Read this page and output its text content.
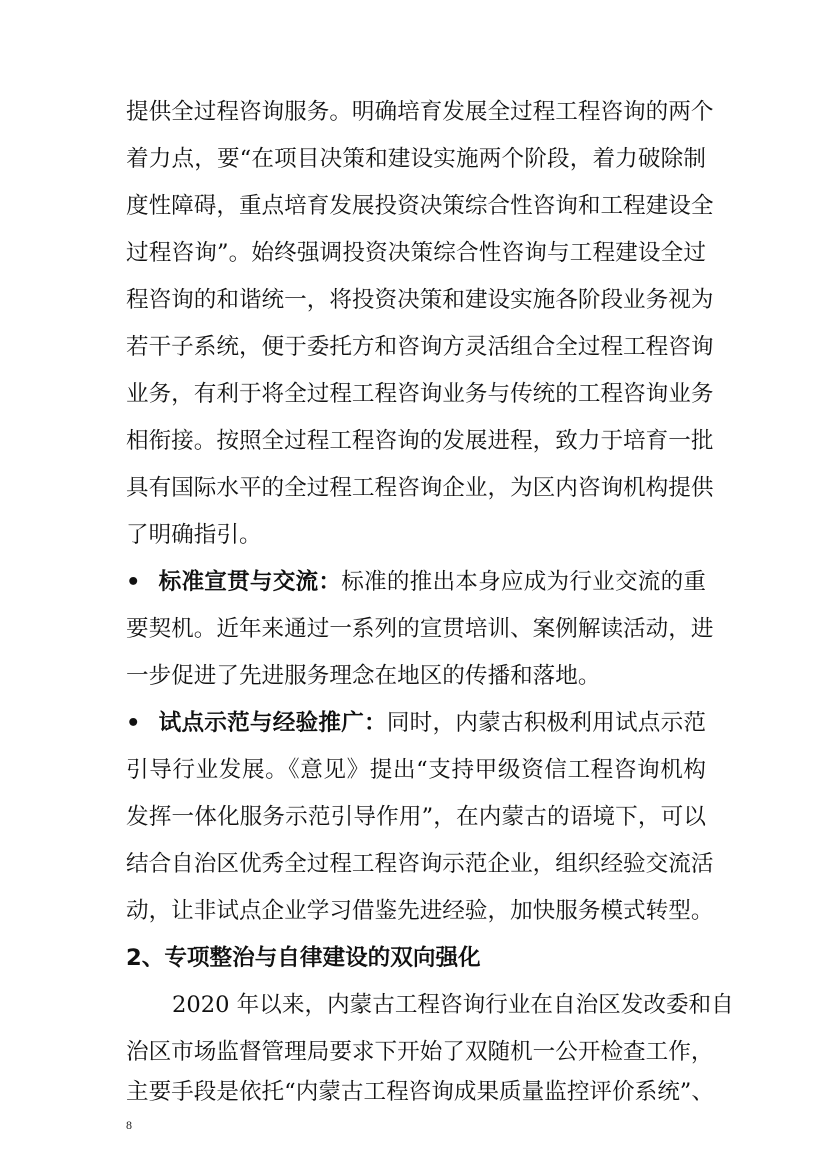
提供全过程咨询服务。明确培育发展全过程工程咨询的两个
着力点，要“在项目决策和建设实施两个阶段，着力破除制
度性障碍，重点培育发展投资决策综合性咨询和工程建设全
过程咨询”。始终强调投资决策综合性咨询与工程建设全过
程咨询的和谐统一，将投资决策和建设实施各阶段业务视为
若干子系统，便于委托方和咨询方灵活组合全过程工程咨询
业务，有利于将全过程工程咨询业务与传统的工程咨询业务
相衔接。按照全过程工程咨询的发展进程，致力于培育一批
具有国际水平的全过程工程咨询企业，为区内咨询机构提供
了明确指引。
• 标准宣贯与交流：标准的推出本身应成为行业交流的重
要契机。近年来通过一系列的宣贯培训、案例解读活动，进
一步促进了先进服务理念在地区的传播和落地。
• 试点示范与经验推广：同时，内蒙古积极利用试点示范
引导行业发展。《意见》提出“支持甲级资信工程咨询机构
发挥一体化服务示范引导作用”，在内蒙古的语境下，可以
结合自治区优秀全过程工程咨询示范企业，组织经验交流活
动，让非试点企业学习借鉴先进经验，加快服务模式转型。
2、专项整治与自律建设的双向强化
2020 年以来，内蒙古工程咨询行业在自治区发改委和自
治区市场监督管理局要求下开始了双随机一公开检查工作，
主要手段是依托“内蒙古工程咨询成果质量监控评价系统”、
8
